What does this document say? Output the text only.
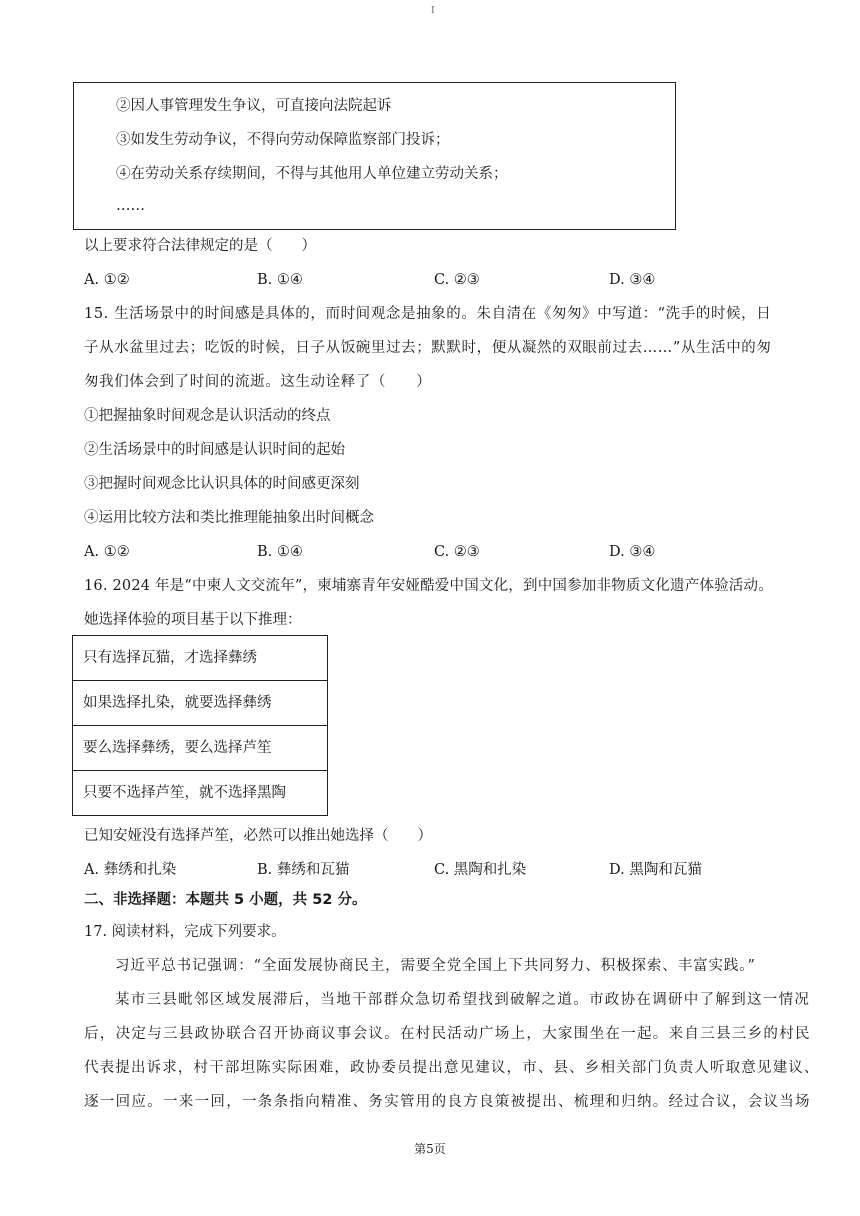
I
②因人事管理发生争议，可直接向法院起诉
③如发生劳动争议，不得向劳动保障监察部门投诉；
④在劳动关系存续期间，不得与其他用人单位建立劳动关系；
……
以上要求符合法律规定的是（　　）
A. ①②	B. ①④	C. ②③	D. ③④
15. 生活场景中的时间感是具体的，而时间观念是抽象的。朱自清在《匆匆》中写道：“洗手的时候，日
子从水盆里过去；吃饭的时候，日子从饭碗里过去；默默时，便从凝然的双眼前过去……”从生活中的匆
匆我们体会到了时间的流逝。这生动诠释了（　　）
①把握抽象时间观念是认识活动的终点
②生活场景中的时间感是认识时间的起始
③把握时间观念比认识具体的时间感更深刻
④运用比较方法和类比推理能抽象出时间概念
A. ①②	B. ①④	C. ②③	D. ③④
16. 2024 年是“中柬人文交流年”，柬埔寨青年安娅酷爱中国文化，到中国参加非物质文化遗产体验活动。
她选择体验的项目基于以下推理：
只有选择瓦猫，才选择彝绣
如果选择扎染，就要选择彝绣
要么选择彝绣，要么选择芦笙
只要不选择芦笙，就不选择黑陶
已知安娅没有选择芦笙，必然可以推出她选择（　　）
A. 彝绣和扎染	B. 彝绣和瓦猫	C. 黑陶和扎染	D. 黑陶和瓦猫
二、非选择题：本题共 5 小题，共 52 分。
17. 阅读材料，完成下列要求。
习近平总书记强调：“全面发展协商民主，需要全党全国上下共同努力、积极探索、丰富实践。”
某市三县毗邻区域发展滞后，当地干部群众急切希望找到破解之道。市政协在调研中了解到这一情况
后，决定与三县政协联合召开协商议事会议。在村民活动广场上，大家围坐在一起。来自三县三乡的村民
代表提出诉求，村干部坦陈实际困难，政协委员提出意见建议，市、县、乡相关部门负责人听取意见建议、
逐一回应。一来一回，一条条指向精准、务实管用的良方良策被提出、梳理和归纳。经过合议，会议当场
第5页
